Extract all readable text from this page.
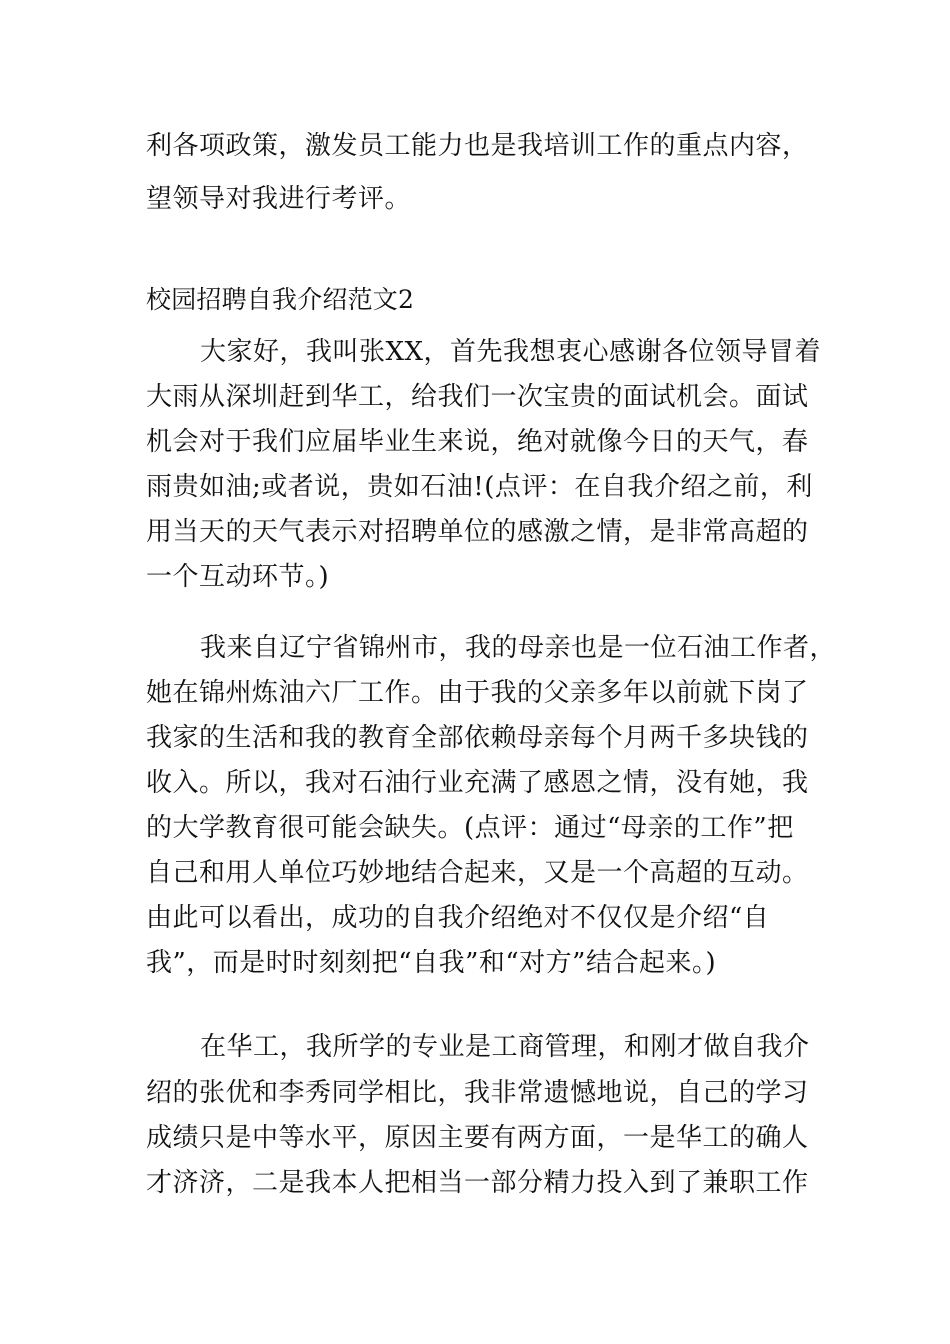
利各项政策，激发员工能力也是我培训工作的重点内容，
望领导对我进行考评。
校园招聘自我介绍范文2
大家好，我叫张XX，首先我想衷心感谢各位领导冒着
大雨从深圳赶到华工，给我们一次宝贵的面试机会。面试
机会对于我们应届毕业生来说，绝对就像今日的天气，春
雨贵如油;或者说，贵如石油!(点评：在自我介绍之前，利
用当天的天气表示对招聘单位的感激之情，是非常高超的
一个互动环节。)
我来自辽宁省锦州市，我的母亲也是一位石油工作者，
她在锦州炼油六厂工作。由于我的父亲多年以前就下岗了
我家的生活和我的教育全部依赖母亲每个月两千多块钱的
收入。所以，我对石油行业充满了感恩之情，没有她，我
的大学教育很可能会缺失。(点评：通过“母亲的工作”把
自己和用人单位巧妙地结合起来，又是一个高超的互动。
由此可以看出，成功的自我介绍绝对不仅仅是介绍“自
我”，而是时时刻刻把“自我”和“对方”结合起来。)
在华工，我所学的专业是工商管理，和刚才做自我介
绍的张优和李秀同学相比，我非常遗憾地说，自己的学习
成绩只是中等水平，原因主要有两方面，一是华工的确人
才济济，二是我本人把相当一部分精力投入到了兼职工作
